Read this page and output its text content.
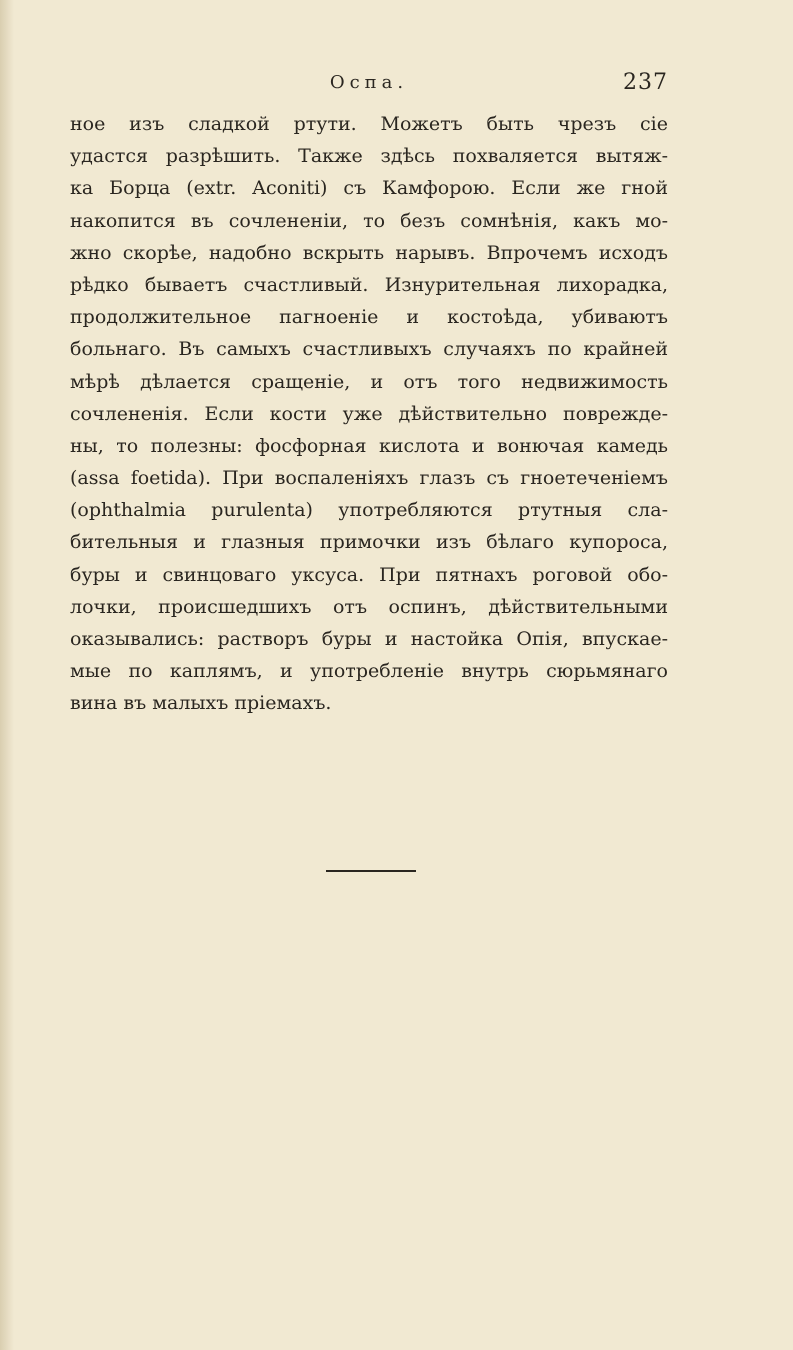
Оспа.	237
ное изъ сладкой ртути. Можетъ быть чрезъ сіе
удастся разрѣшить. Также здѣсь похваляется вытяж-
ка Борца (extr. Aconiti) съ Камфорою. Если же гной
накопится въ сочлененіи, то безъ сомнѣнія, какъ мо-
жно скорѣе, надобно вскрыть нарывъ. Впрочемъ исходъ
рѣдко бываетъ счастливый. Изнурительная лихорадка,
продолжительное пагноеніе и костоѣда, убиваютъ
больнаго. Въ самыхъ счастливыхъ случаяхъ по крайней
мѣрѣ дѣлается сращеніе, и отъ того недвижимость
сочлененія. Если кости уже дѣйствительно повреждe-
ны, то полезны: фосфорная кислота и вонючая камедь
(assa foetida). При воспаленіяхъ глазъ съ гноетеченіемъ
(ophthalmia purulenta) употребляются ртутныя сла-
бительныя и глазныя примочки изъ бѣлаго купороса,
буры и свинцоваго уксуса. При пятнахъ роговой обо-
лочки, происшедшихъ отъ оспинъ, дѣйствительными
оказывались: растворъ буры и настойка Опія, впускае-
мые по каплямъ, и употребленіе внутрь сюрьмянаго
вина въ малыхъ пріемахъ.
